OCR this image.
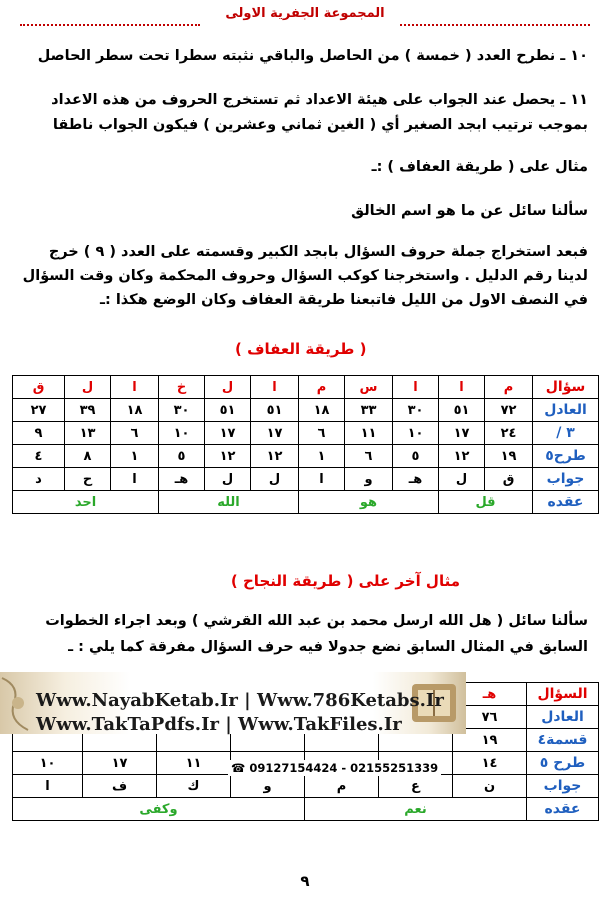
المجموعة الجفرية الاولى
١٠ ـ نطرح العدد ( خمسة ) من الحاصل والباقي نثبته سطرا تحت سطر الحاصل
١١ ـ يحصل عند الجواب على هيئة الاعداد ثم تستخرج الحروف من هذه الاعداد
بموجب ترتيب ابجد الصغير أي ( الغين ثماني وعشرين ) فيكون الجواب ناطقا
مثال على ( طريقة العفاف ) :ـ
سألنا سائل عن ما هو اسم الخالق
فبعد استخراج جملة حروف السؤال بابجد الكبير وقسمته على العدد ( ٩ ) خرج
لدينا رقم الدليل . واستخرجنا كوكب السؤال وحروف المحكمة وكان وقت السؤال
في النصف الاول من الليل فاتبعنا طريقة العفاف وكان الوضع هكذا :ـ
( طريقة العفاف )
سؤال	م	ا	ا	س	م	ا	ل	خ	ا	ل	ق
العادل	٧٢	٥١	٣٠	٣٣	١٨	٥١	٥١	٣٠	١٨	٣٩	٢٧
٣ /	٢٤	١٧	١٠	١١	٦	١٧	١٧	١٠	٦	١٣	٩
طرح٥	١٩	١٢	٥	٦	١	١٢	١٢	٥	١	٨	٤
جواب	ق	ل	هـ	و	ا	ل	ل	هـ	ا	ح	د
عقده	قل		هو			الله			احد		
مثال آخر على ( طريقة النجاح )
سألنا سائل ( هل الله ارسل محمد بن عبد الله القرشي ) وبعد اجراء الخطوات
السابق في المثال السابق نضع جدولا فيه حرف السؤال مفرقة كما يلي : ـ
السؤال	هـ						
العادل	٧٦						
قسمة٤	١٩						
طرح ٥	١٤				١١	١٧	١٠
جواب	ن	ع	م	و	ك	ف	ا
عقده	نعم			وكفى			
Www.NayabKetab.Ir | Www.786Ketabs.Ir
Www.TakTaPdfs.Ir | Www.TakFiles.Ir
☎ 09127154424 - 02155251339
٩
